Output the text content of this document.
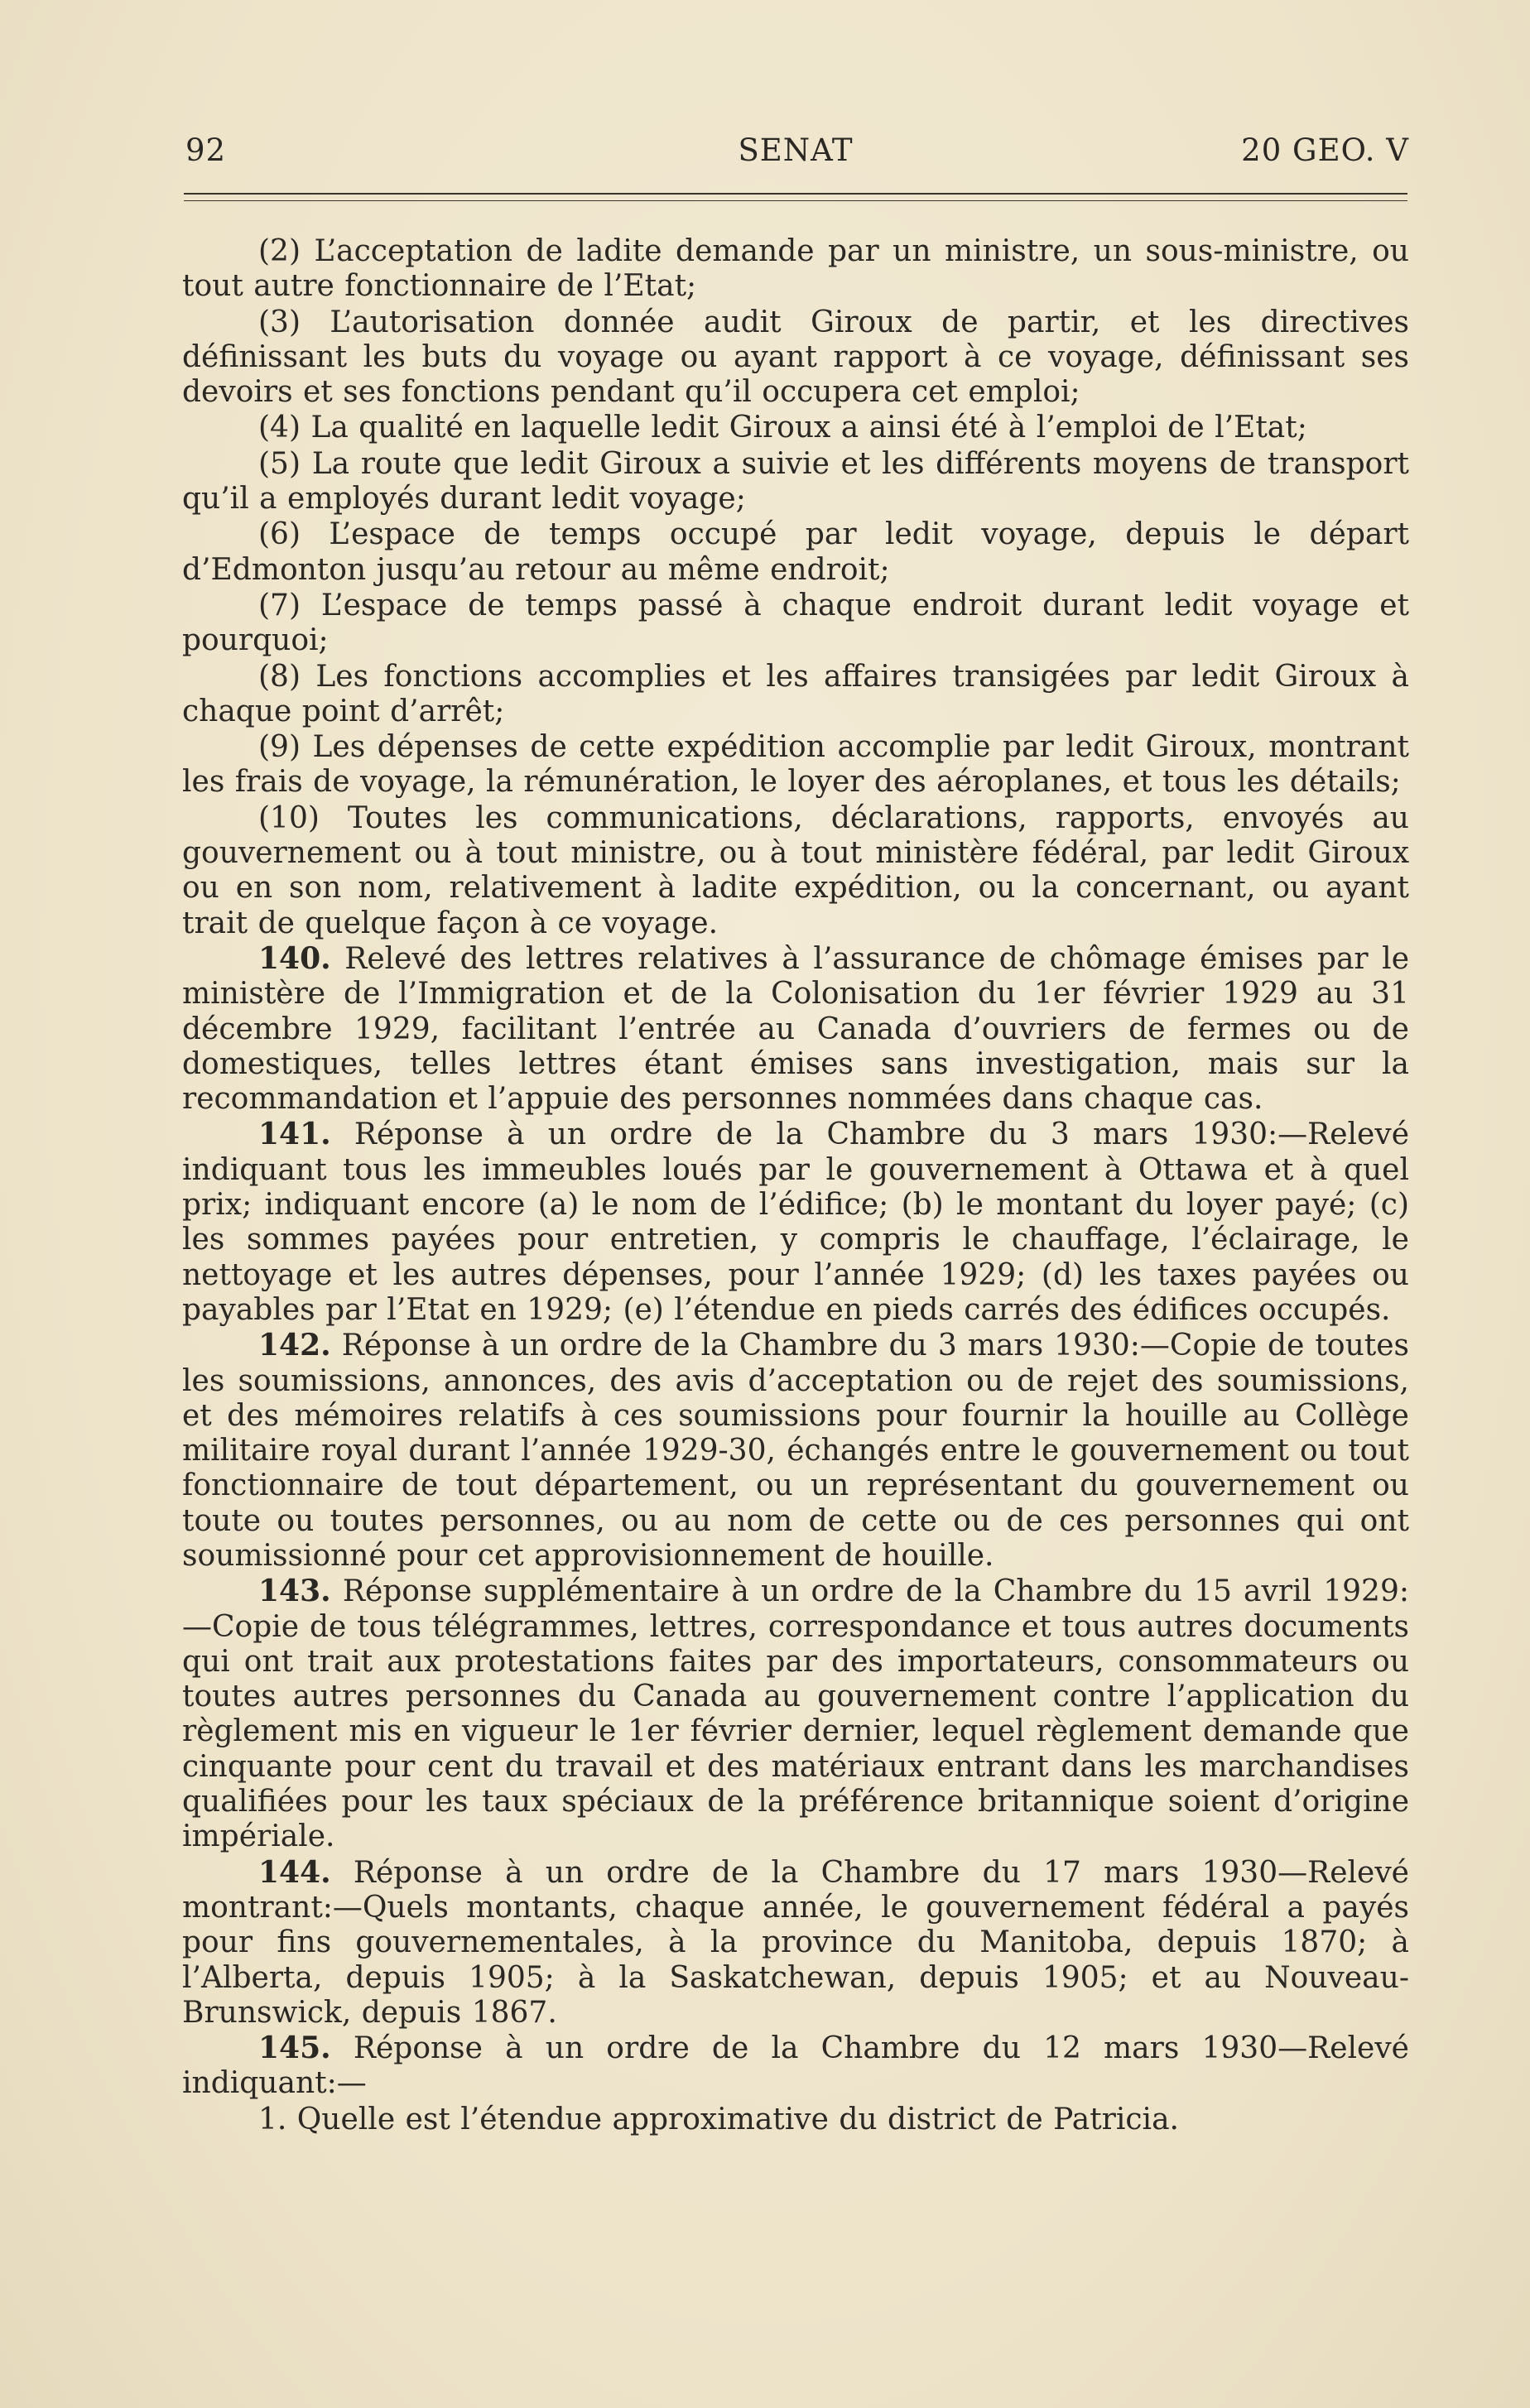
92	SENAT	20 GEO. V

(2) L’acceptation de ladite demande par un ministre, un sous-ministre, ou tout autre fonctionnaire de l’Etat;

(3) L’autorisation donnée audit Giroux de partir, et les directives définissant les buts du voyage ou ayant rapport à ce voyage, définissant ses devoirs et ses fonctions pendant qu’il occupera cet emploi;

(4) La qualité en laquelle ledit Giroux a ainsi été à l’emploi de l’Etat;

(5) La route que ledit Giroux a suivie et les différents moyens de transport qu’il a employés durant ledit voyage;

(6) L’espace de temps occupé par ledit voyage, depuis le départ d’Edmonton jusqu’au retour au même endroit;

(7) L’espace de temps passé à chaque endroit durant ledit voyage et pourquoi;

(8) Les fonctions accomplies et les affaires transigées par ledit Giroux à chaque point d’arrêt;

(9) Les dépenses de cette expédition accomplie par ledit Giroux, montrant les frais de voyage, la rémunération, le loyer des aéroplanes, et tous les détails;

(10) Toutes les communications, déclarations, rapports, envoyés au gouvernement ou à tout ministre, ou à tout ministère fédéral, par ledit Giroux ou en son nom, relativement à ladite expédition, ou la concernant, ou ayant trait de quelque façon à ce voyage.

140. Relevé des lettres relatives à l’assurance de chômage émises par le ministère de l’Immigration et de la Colonisation du 1er février 1929 au 31 décembre 1929, facilitant l’entrée au Canada d’ouvriers de fermes ou de domestiques, telles lettres étant émises sans investigation, mais sur la recommandation et l’appuie des personnes nommées dans chaque cas.

141. Réponse à un ordre de la Chambre du 3 mars 1930:—Relevé indiquant tous les immeubles loués par le gouvernement à Ottawa et à quel prix; indiquant encore (a) le nom de l’édifice; (b) le montant du loyer payé; (c) les sommes payées pour entretien, y compris le chauffage, l’éclairage, le nettoyage et les autres dépenses, pour l’année 1929; (d) les taxes payées ou payables par l’Etat en 1929; (e) l’étendue en pieds carrés des édifices occupés.

142. Réponse à un ordre de la Chambre du 3 mars 1930:—Copie de toutes les soumissions, annonces, des avis d’acceptation ou de rejet des soumissions, et des mémoires relatifs à ces soumissions pour fournir la houille au Collège militaire royal durant l’année 1929-30, échangés entre le gouvernement ou tout fonctionnaire de tout département, ou un représentant du gouvernement ou toute ou toutes personnes, ou au nom de cette ou de ces personnes qui ont soumissionné pour cet approvisionnement de houille.

143. Réponse supplémentaire à un ordre de la Chambre du 15 avril 1929: —Copie de tous télégrammes, lettres, correspondance et tous autres documents qui ont trait aux protestations faites par des importateurs, consommateurs ou toutes autres personnes du Canada au gouvernement contre l’application du règlement mis en vigueur le 1er février dernier, lequel règlement demande que cinquante pour cent du travail et des matériaux entrant dans les marchandises qualifiées pour les taux spéciaux de la préférence britannique soient d’origine impériale.

144. Réponse à un ordre de la Chambre du 17 mars 1930—Relevé montrant:—Quels montants, chaque année, le gouvernement fédéral a payés pour fins gouvernementales, à la province du Manitoba, depuis 1870; à l’Alberta, depuis 1905; à la Saskatchewan, depuis 1905; et au Nouveau-Brunswick, depuis 1867.

145. Réponse à un ordre de la Chambre du 12 mars 1930—Relevé indiquant:—

1. Quelle est l’étendue approximative du district de Patricia.
